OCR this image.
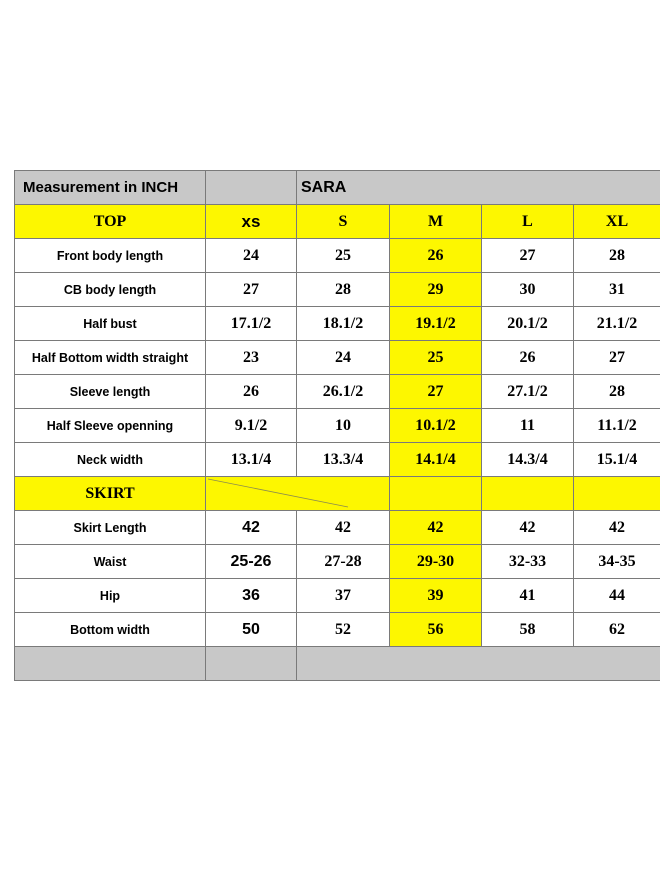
Measurement in INCH		SARA			
TOP	xs	S	M	L	XL
Front body length	24	25	26	27	28
CB body length	27	28	29	30	31
Half bust	17.1/2	18.1/2	19.1/2	20.1/2	21.1/2
Half Bottom width straight	23	24	25	26	27
Sleeve length	26	26.1/2	27	27.1/2	28
Half Sleeve openning	9.1/2	10	10.1/2	11	11.1/2
Neck width	13.1/4	13.3/4	14.1/4	14.3/4	15.1/4
SKIRT	

Skirt Length	42	42	42	42	42
Waist	25-26	27-28	29-30	32-33	34-35
Hip	36	37	39	41	44
Bottom width	50	52	56	58	62
